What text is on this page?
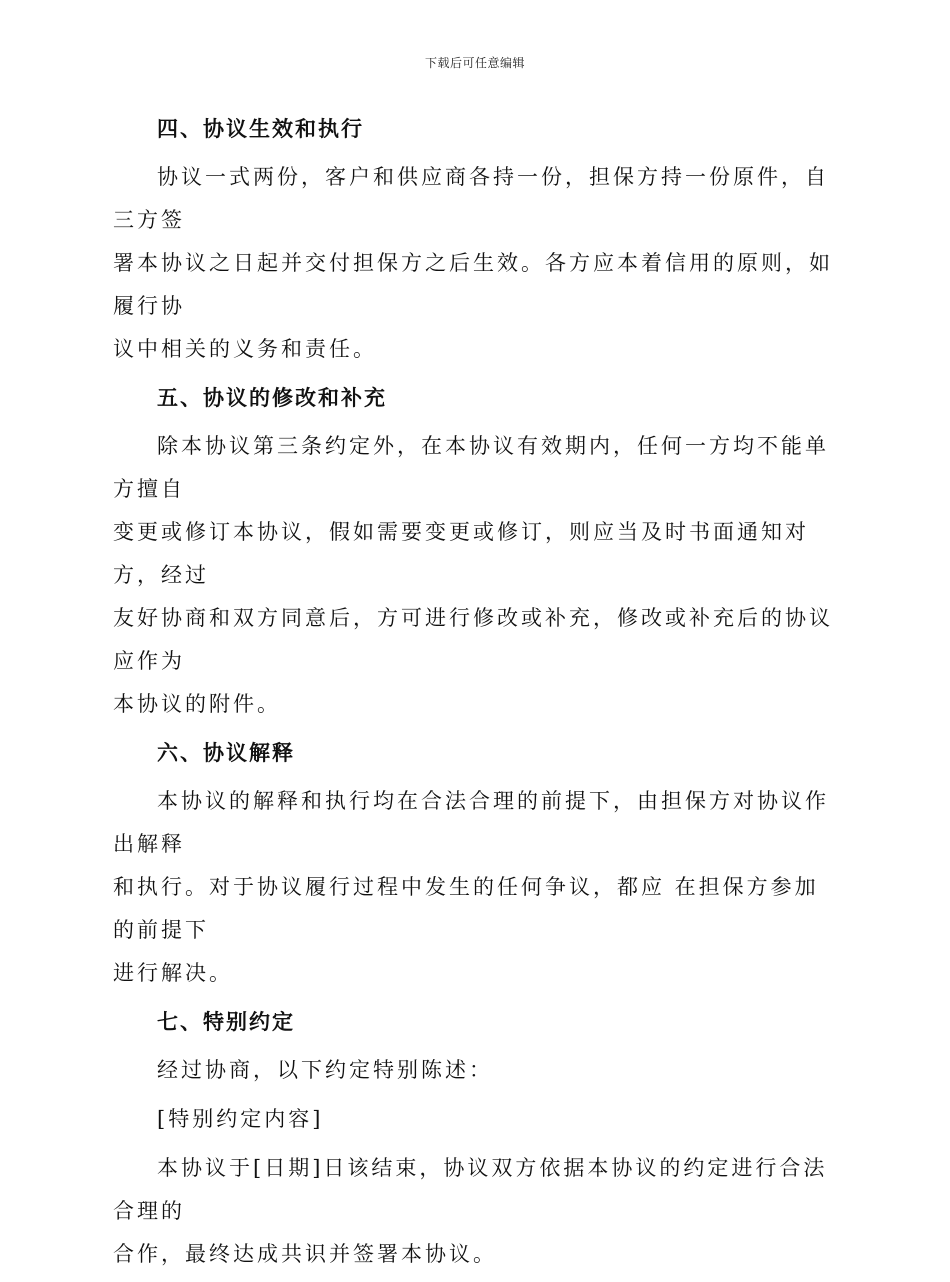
下载后可任意编辑
四、协议生效和执行
协议一式两份，客户和供应商各持一份，担保方持一份原件，自三方签
署本协议之日起并交付担保方之后生效。各方应本着信用的原则，如履行协
议中相关的义务和责任。
五、协议的修改和补充
除本协议第三条约定外，在本协议有效期内，任何一方均不能单方擅自
变更或修订本协议，假如需要变更或修订，则应当及时书面通知对方，经过
友好协商和双方同意后，方可进行修改或补充，修改或补充后的协议应作为
本协议的附件。
六、协议解释
本协议的解释和执行均在合法合理的前提下，由担保方对协议作出解释
和执行。对于协议履行过程中发生的任何争议，都应 在担保方参加的前提下
进行解决。
七、特别约定
经过协商，以下约定特别陈述：
[特别约定内容]
本协议于[日期]日该结束，协议双方依据本协议的约定进行合法合理的
合作，最终达成共识并签署本协议。
